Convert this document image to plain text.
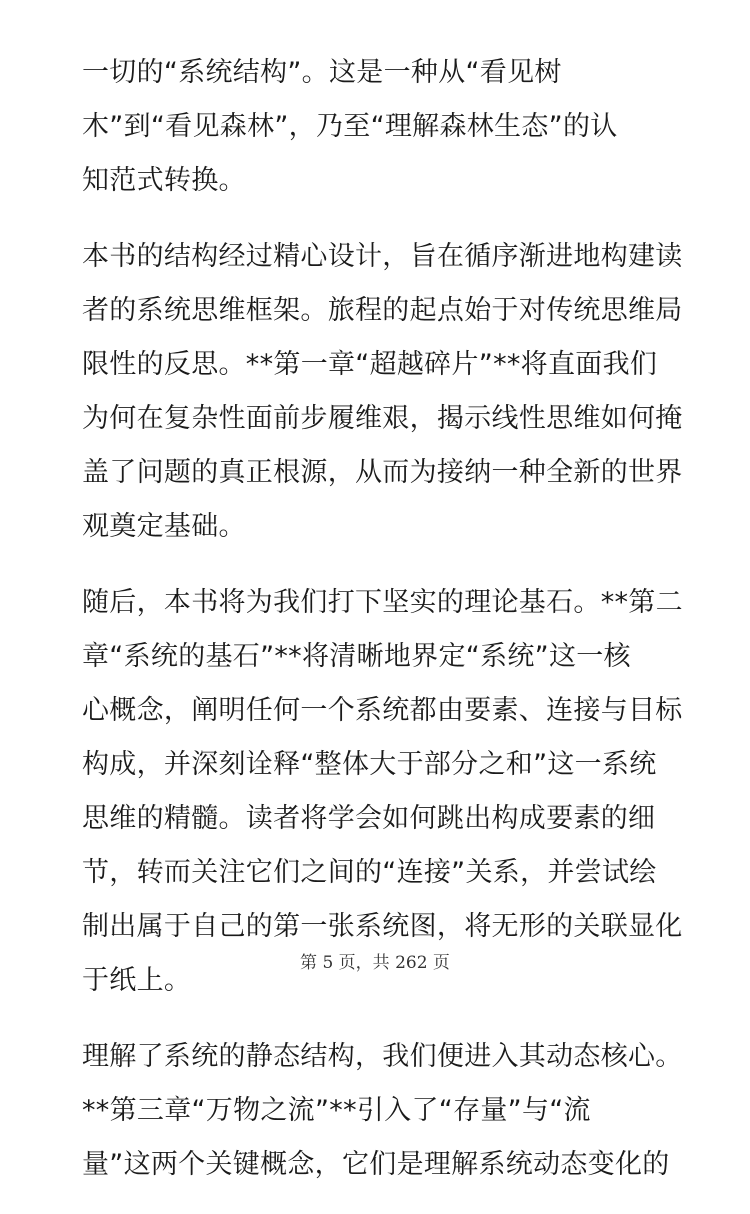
一切的“系统结构”。这是一种从“看见树
木”到“看见森林”，乃至“理解森林生态”的认
知范式转换。
本书的结构经过精心设计，旨在循序渐进地构建读
者的系统思维框架。旅程的起点始于对传统思维局
限性的反思。**第一章“超越碎片”**将直面我们
为何在复杂性面前步履维艰，揭示线性思维如何掩
盖了问题的真正根源，从而为接纳一种全新的世界
观奠定基础。
随后，本书将为我们打下坚实的理论基石。**第二
章“系统的基石”**将清晰地界定“系统”这一核
心概念，阐明任何一个系统都由要素、连接与目标
构成，并深刻诠释“整体大于部分之和”这一系统
思维的精髓。读者将学会如何跳出构成要素的细
节，转而关注它们之间的“连接”关系，并尝试绘
制出属于自己的第一张系统图，将无形的关联显化
于纸上。
理解了系统的静态结构，我们便进入其动态核心。
**第三章“万物之流”**引入了“存量”与“流
量”这两个关键概念，它们是理解系统动态变化的
第 5 页，共 262 页
